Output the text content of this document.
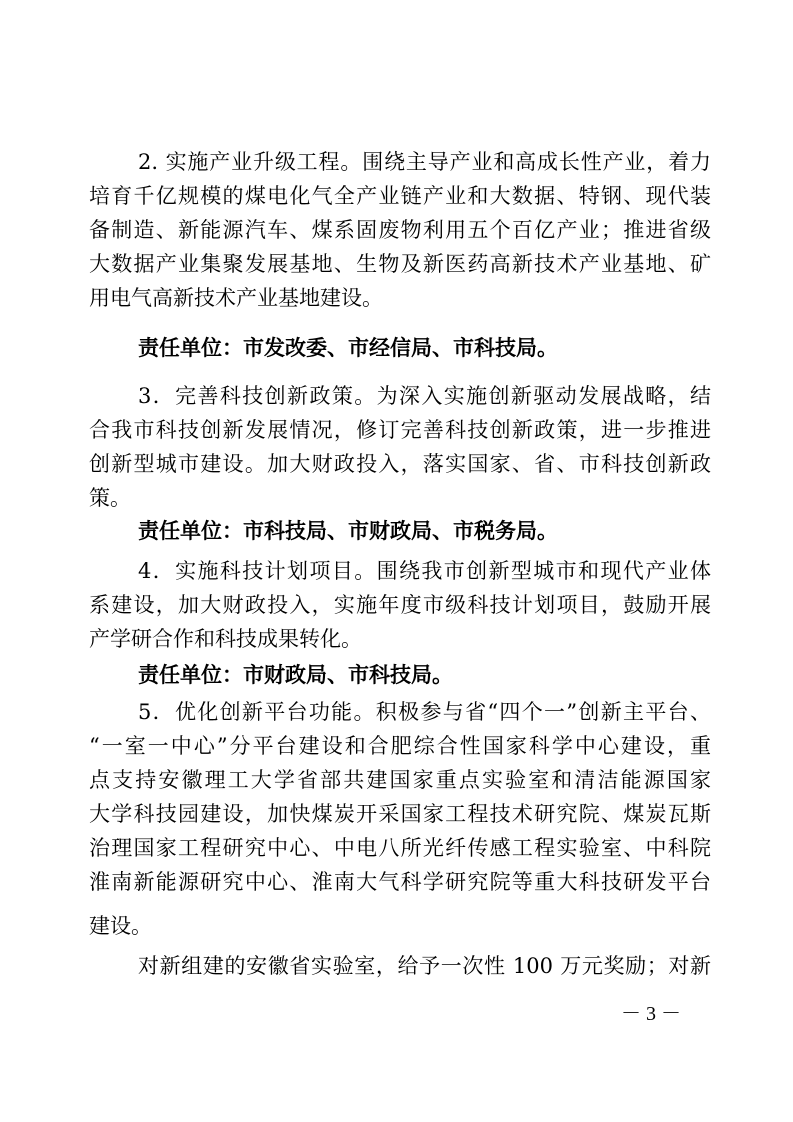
2. 实施产业升级工程。围绕主导产业和高成长性产业，着力
培育千亿规模的煤电化气全产业链产业和大数据、特钢、现代装
备制造、新能源汽车、煤系固废物利用五个百亿产业；推进省级
大数据产业集聚发展基地、生物及新医药高新技术产业基地、矿
用电气高新技术产业基地建设。
责任单位：市发改委、市经信局、市科技局。
3．完善科技创新政策。为深入实施创新驱动发展战略，结
合我市科技创新发展情况，修订完善科技创新政策，进一步推进
创新型城市建设。加大财政投入，落实国家、省、市科技创新政
策。
责任单位：市科技局、市财政局、市税务局。
4．实施科技计划项目。围绕我市创新型城市和现代产业体
系建设，加大财政投入，实施年度市级科技计划项目，鼓励开展
产学研合作和科技成果转化。
责任单位：市财政局、市科技局。
5．优化创新平台功能。积极参与省“四个一”创新主平台、
“一室一中心”分平台建设和合肥综合性国家科学中心建设，重
点支持安徽理工大学省部共建国家重点实验室和清洁能源国家
大学科技园建设，加快煤炭开采国家工程技术研究院、煤炭瓦斯
治理国家工程研究中心、中电八所光纤传感工程实验室、中科院
淮南新能源研究中心、淮南大气科学研究院等重大科技研发平台
建设。
对新组建的安徽省实验室，给予一次性 100 万元奖励；对新
－ 3 －
